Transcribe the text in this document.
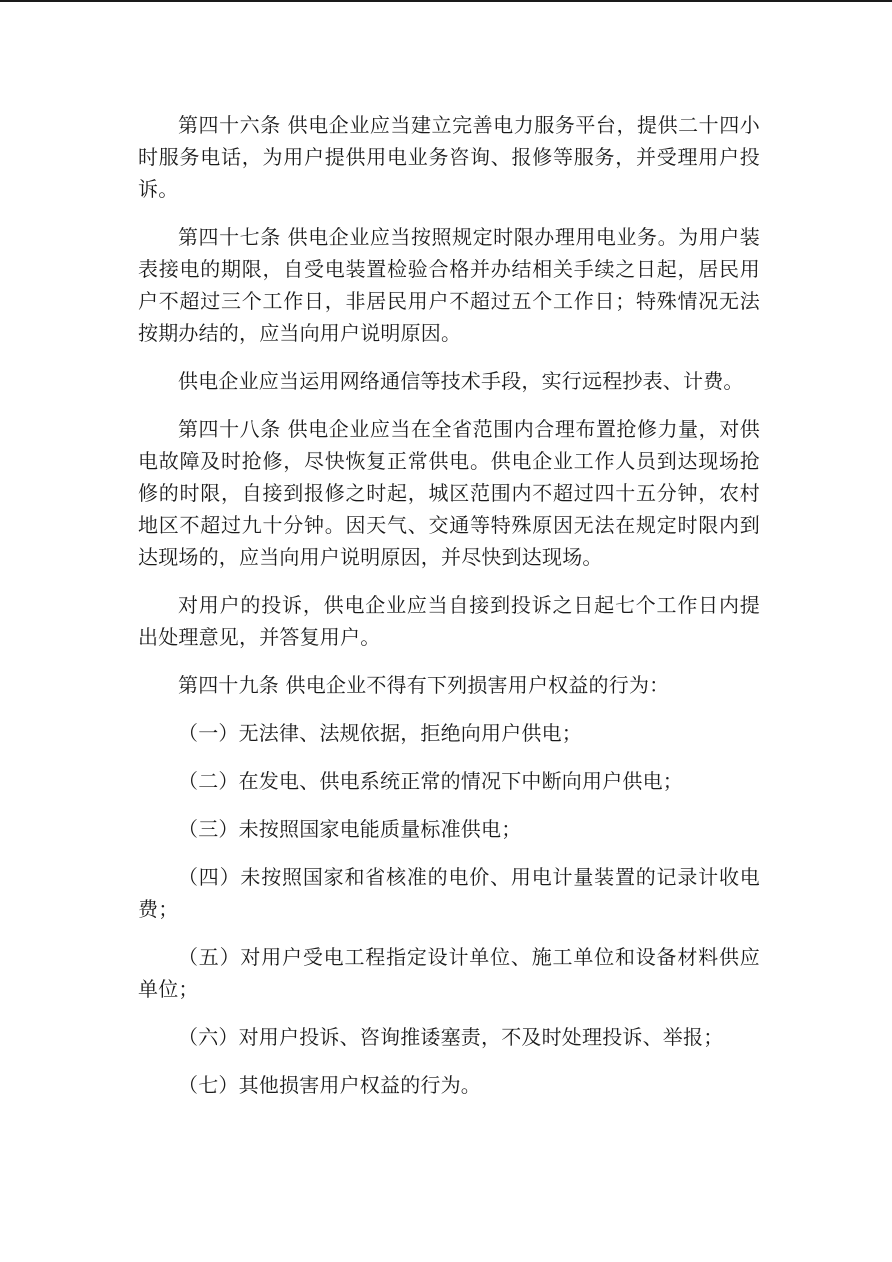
第四十六条 供电企业应当建立完善电力服务平台，提供二十四小时服务电话，为用户提供用电业务咨询、报修等服务，并受理用户投诉。

第四十七条 供电企业应当按照规定时限办理用电业务。为用户装表接电的期限，自受电装置检验合格并办结相关手续之日起，居民用户不超过三个工作日，非居民用户不超过五个工作日；特殊情况无法按期办结的，应当向用户说明原因。

供电企业应当运用网络通信等技术手段，实行远程抄表、计费。

第四十八条 供电企业应当在全省范围内合理布置抢修力量，对供电故障及时抢修，尽快恢复正常供电。供电企业工作人员到达现场抢修的时限，自接到报修之时起，城区范围内不超过四十五分钟，农村地区不超过九十分钟。因天气、交通等特殊原因无法在规定时限内到达现场的，应当向用户说明原因，并尽快到达现场。

对用户的投诉，供电企业应当自接到投诉之日起七个工作日内提出处理意见，并答复用户。

第四十九条 供电企业不得有下列损害用户权益的行为：

（一）无法律、法规依据，拒绝向用户供电；

（二）在发电、供电系统正常的情况下中断向用户供电；

（三）未按照国家电能质量标准供电；

（四）未按照国家和省核准的电价、用电计量装置的记录计收电费；

（五）对用户受电工程指定设计单位、施工单位和设备材料供应单位；

（六）对用户投诉、咨询推诿塞责，不及时处理投诉、举报；

（七）其他损害用户权益的行为。
